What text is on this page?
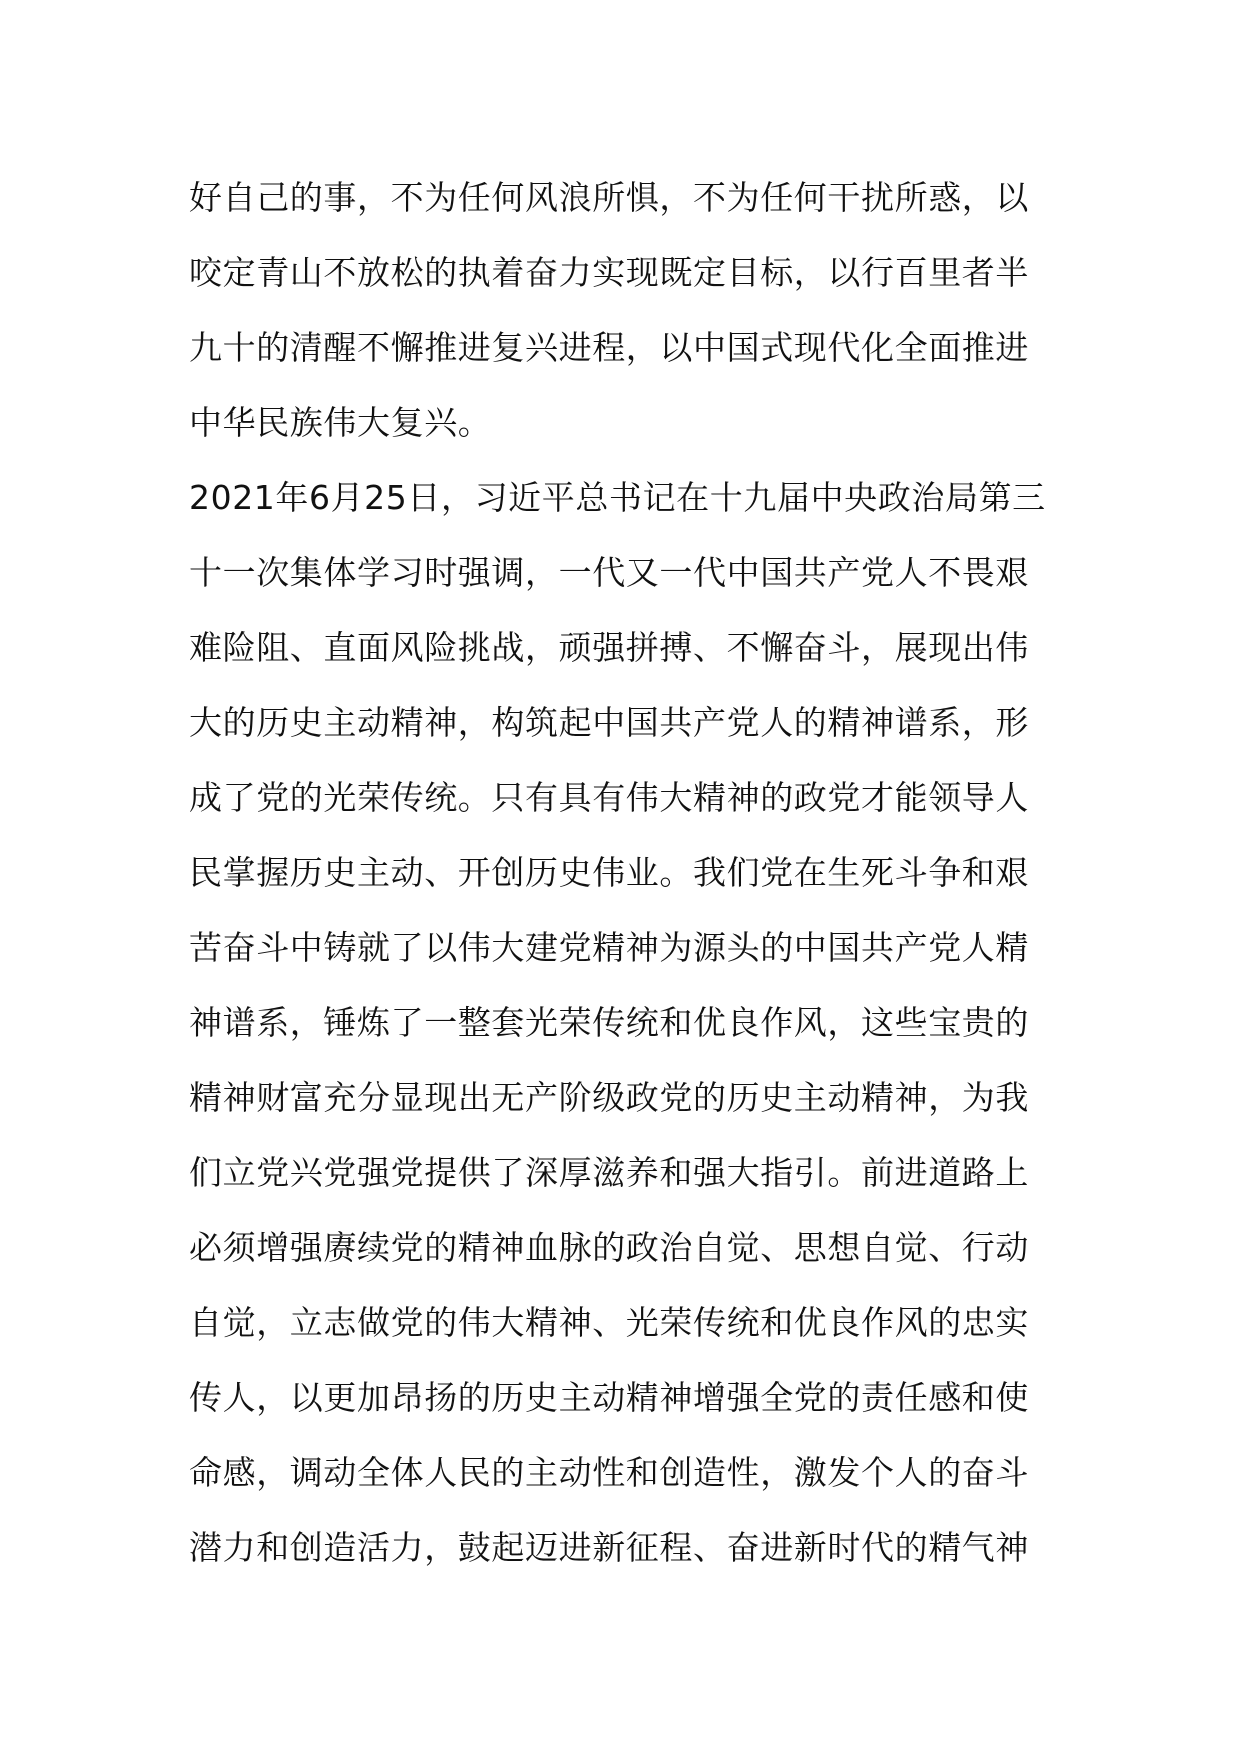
好自己的事，不为任何风浪所惧，不为任何干扰所惑，以
咬定青山不放松的执着奋力实现既定目标，以行百里者半
九十的清醒不懈推进复兴进程，以中国式现代化全面推进
中华民族伟大复兴。
2021年6月25日，习近平总书记在十九届中央政治局第三
十一次集体学习时强调，一代又一代中国共产党人不畏艰
难险阻、直面风险挑战，顽强拼搏、不懈奋斗，展现出伟
大的历史主动精神，构筑起中国共产党人的精神谱系，形
成了党的光荣传统。只有具有伟大精神的政党才能领导人
民掌握历史主动、开创历史伟业。我们党在生死斗争和艰
苦奋斗中铸就了以伟大建党精神为源头的中国共产党人精
神谱系，锤炼了一整套光荣传统和优良作风，这些宝贵的
精神财富充分显现出无产阶级政党的历史主动精神，为我
们立党兴党强党提供了深厚滋养和强大指引。前进道路上
必须增强赓续党的精神血脉的政治自觉、思想自觉、行动
自觉，立志做党的伟大精神、光荣传统和优良作风的忠实
传人，以更加昂扬的历史主动精神增强全党的责任感和使
命感，调动全体人民的主动性和创造性，激发个人的奋斗
潜力和创造活力，鼓起迈进新征程、奋进新时代的精气神
